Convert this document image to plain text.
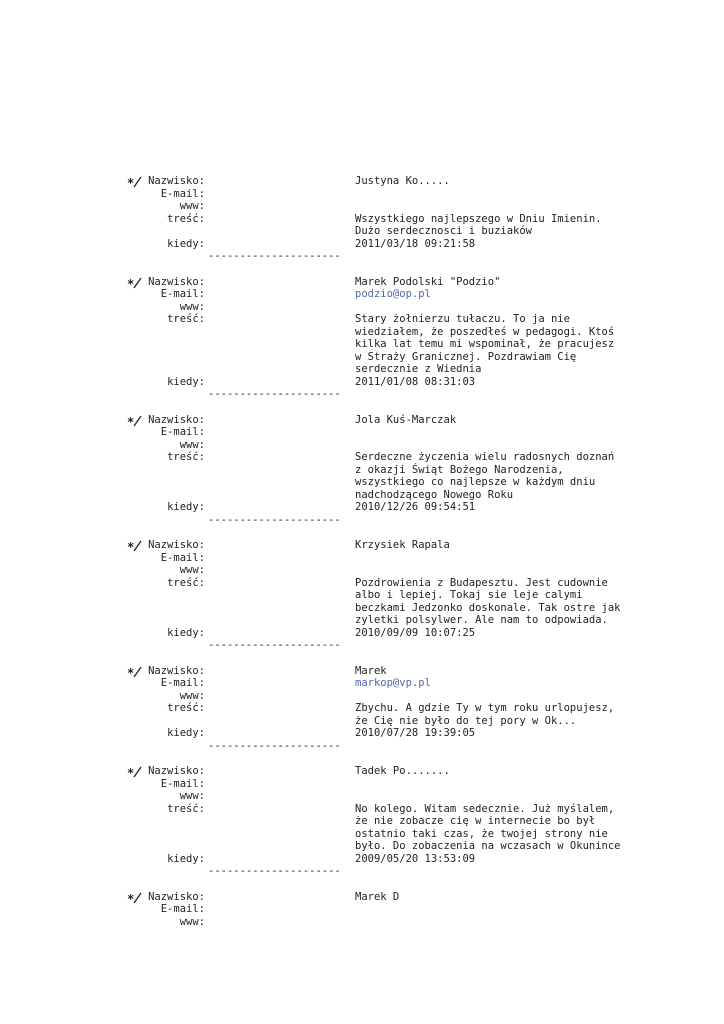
* Nazwisko:	Justyna Ko.....
E-mail:
www:
treść:	Wszystkiego najlepszego w Dniu Imienin.
Dużo serdecznosci i buziaków
kiedy:	2011/03/18 09:21:58
---------------------
* Nazwisko:	Marek Podolski "Podzio"
E-mail:	podzio@op.pl
www:
treść:	Stary żołnierzu tułaczu. To ja nie
wiedziałem, że poszedłeś w pedagogi. Ktoś
kilka lat temu mi wspominał, że pracujesz
w Straży Granicznej. Pozdrawiam Cię
serdecznie z Wiednia
kiedy:	2011/01/08 08:31:03
---------------------
* Nazwisko:	Jola Kuś-Marczak
E-mail:
www:
treść:	Serdeczne życzenia wielu radosnych doznań
z okazji Świąt Bożego Narodzenia,
wszystkiego co najlepsze w każdym dniu
nadchodzącego Nowego Roku
kiedy:	2010/12/26 09:54:51
---------------------
* Nazwisko:	Krzysiek Rapala
E-mail:
www:
treść:	Pozdrowienia z Budapesztu. Jest cudownie
albo i lepiej. Tokaj sie leje calymi
beczkami Jedzonko doskonale. Tak ostre jak
zyletki polsylwer. Ale nam to odpowiada.
kiedy:	2010/09/09 10:07:25
---------------------
* Nazwisko:	Marek
E-mail:	markop@vp.pl
www:
treść:	Zbychu. A gdzie Ty w tym roku urlopujesz,
że Cię nie było do tej pory w Ok...
kiedy:	2010/07/28 19:39:05
---------------------
* Nazwisko:	Tadek Po.......
E-mail:
www:
treść:	No kolego. Witam sedecznie. Już myślalem,
że nie zobacze cię w internecie bo był
ostatnio taki czas, że twojej strony nie
było. Do zobaczenia na wczasach w Okunince
kiedy:	2009/05/20 13:53:09
---------------------
* Nazwisko:	Marek D
E-mail:
www:
